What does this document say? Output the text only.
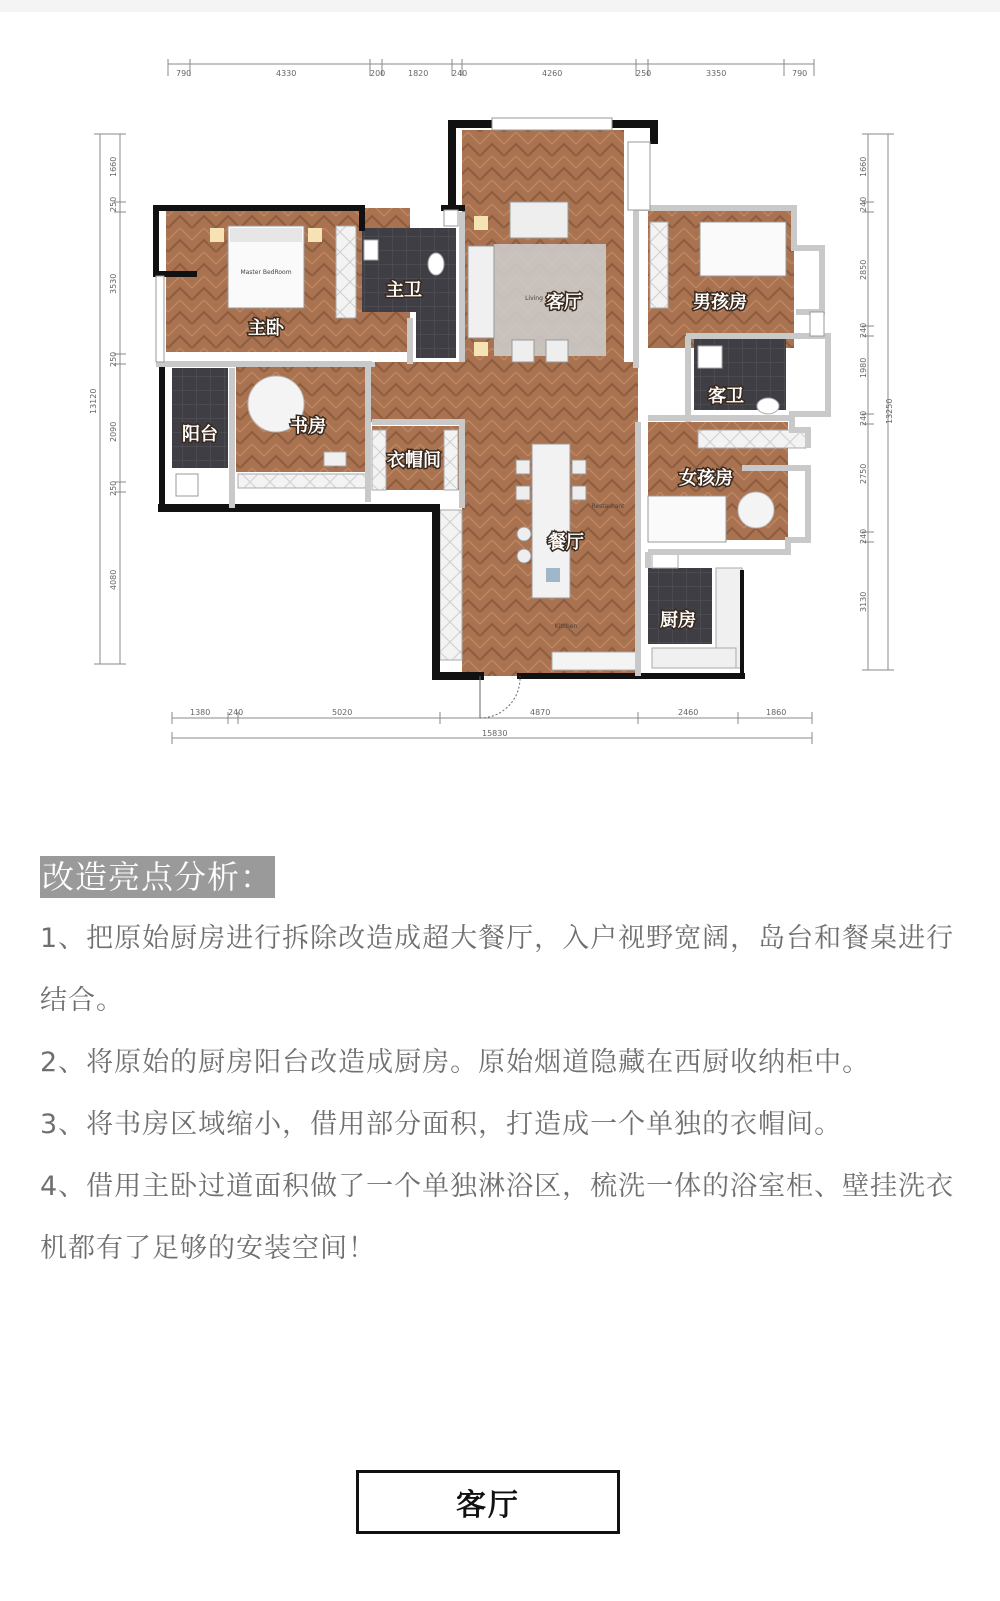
790	4330	200	1820	240	4260	250	3350	790
1380 240	5020	4870	2460	1860
15830
1660
250
3530
250
2090
250
4080
13120
1660
240
2850
240
1980
240
2750
240
3130
13250
主卧
Master BedRoom
主卫
客厅
Living	男孩房
阳台	书房
衣帽间
客卫
女孩房
餐厅
Restaurant
Kitchen	厨房
改造亮点分析：

1、把原始厨房进行拆除改造成超大餐厅，入户视野宽阔，岛台和餐桌进行结合。

2、将原始的厨房阳台改造成厨房。原始烟道隐藏在西厨收纳柜中。

3、将书房区域缩小，借用部分面积，打造成一个单独的衣帽间。

4、借用主卧过道面积做了一个单独淋浴区，梳洗一体的浴室柜、壁挂洗衣机都有了足够的安装空间！

客厅
